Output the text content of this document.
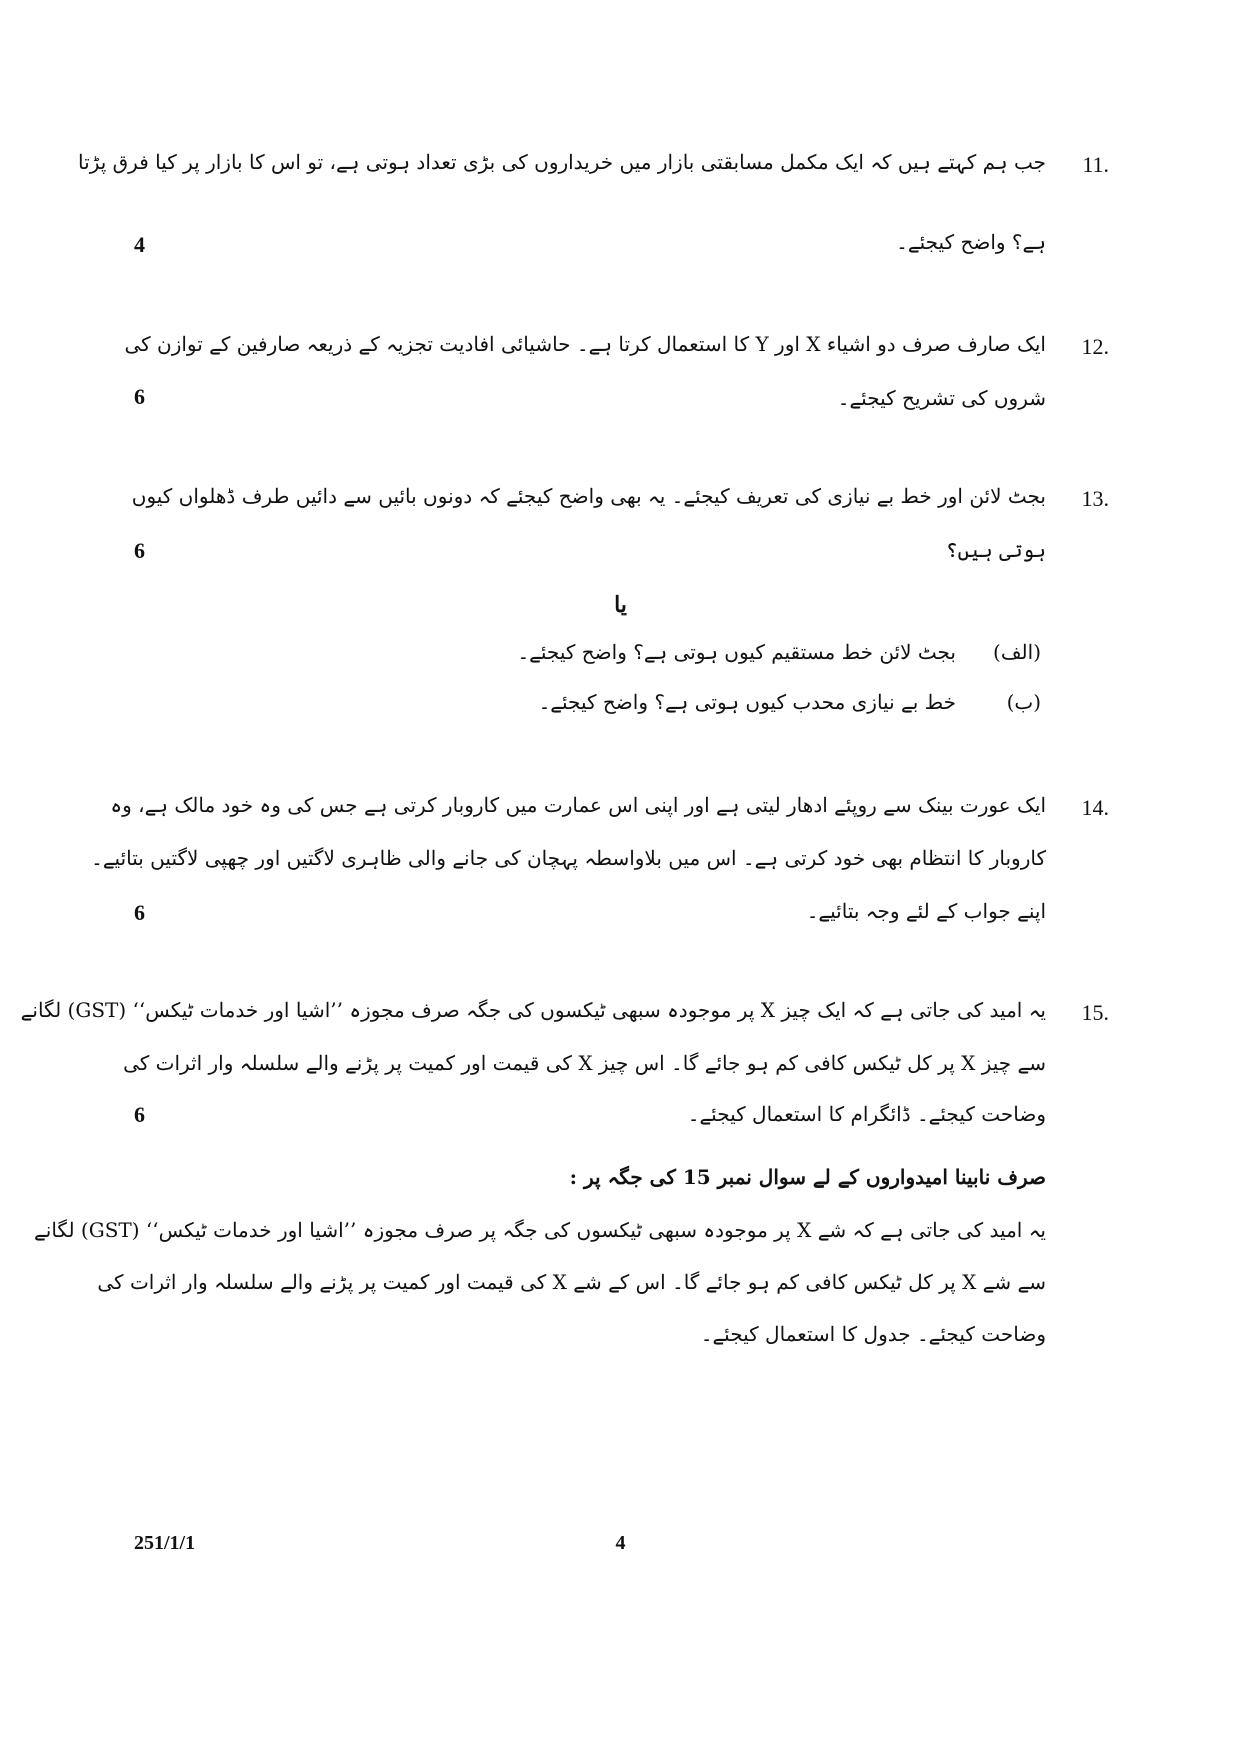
11.
جب ہم کہتے ہیں کہ ایک مکمل مسابقتی بازار میں خریداروں کی بڑی تعداد ہوتی ہے، تو اس کا بازار پر کیا فرق پڑتا
ہے؟ واضح کیجئے۔
4
12.
ایک صارف صرف دو اشیاء X اور Y کا استعمال کرتا ہے۔ حاشیائی افادیت تجزیہ کے ذریعہ صارفین کے توازن کی
شروں کی تشریح کیجئے۔
6
13.
بجٹ لائن اور خط بے نیازی کی تعریف کیجئے۔ یہ بھی واضح کیجئے کہ دونوں بائیں سے دائیں طرف ڈھلواں کیوں
ہوتی ہیں؟
6
یا
(الف)
بجٹ لائن خط مستقیم کیوں ہوتی ہے؟ واضح کیجئے۔
(ب)
خط بے نیازی محدب کیوں ہوتی ہے؟ واضح کیجئے۔
14.
ایک عورت بینک سے روپئے ادھار لیتی ہے اور اپنی اس عمارت میں کاروبار کرتی ہے جس کی وہ خود مالک ہے، وہ
کاروبار کا انتظام بھی خود کرتی ہے۔ اس میں بلاواسطہ پہچان کی جانے والی ظاہری لاگتیں اور چھپی لاگتیں بتائیے۔
اپنے جواب کے لئے وجہ بتائیے۔
6
15.
یہ امید کی جاتی ہے کہ ایک چیز X پر موجودہ سبھی ٹیکسوں کی جگہ صرف مجوزہ ’’اشیا اور خدمات ٹیکس‘‘ (GST) لگانے
سے چیز X پر کل ٹیکس کافی کم ہو جائے گا۔ اس چیز X کی قیمت اور کمیت پر پڑنے والے سلسلہ وار اثرات کی
وضاحت کیجئے۔ ڈائگرام کا استعمال کیجئے۔
6
صرف نابینا امیدواروں کے لے سوال نمبر 15 کی جگہ پر :
یہ امید کی جاتی ہے کہ شے X پر موجودہ سبھی ٹیکسوں کی جگہ پر صرف مجوزہ ’’اشیا اور خدمات ٹیکس‘‘ (GST) لگانے
سے شے X پر کل ٹیکس کافی کم ہو جائے گا۔ اس کے شے X کی قیمت اور کمیت پر پڑنے والے سلسلہ وار اثرات کی
وضاحت کیجئے۔ جدول کا استعمال کیجئے۔
251/1/1	4
